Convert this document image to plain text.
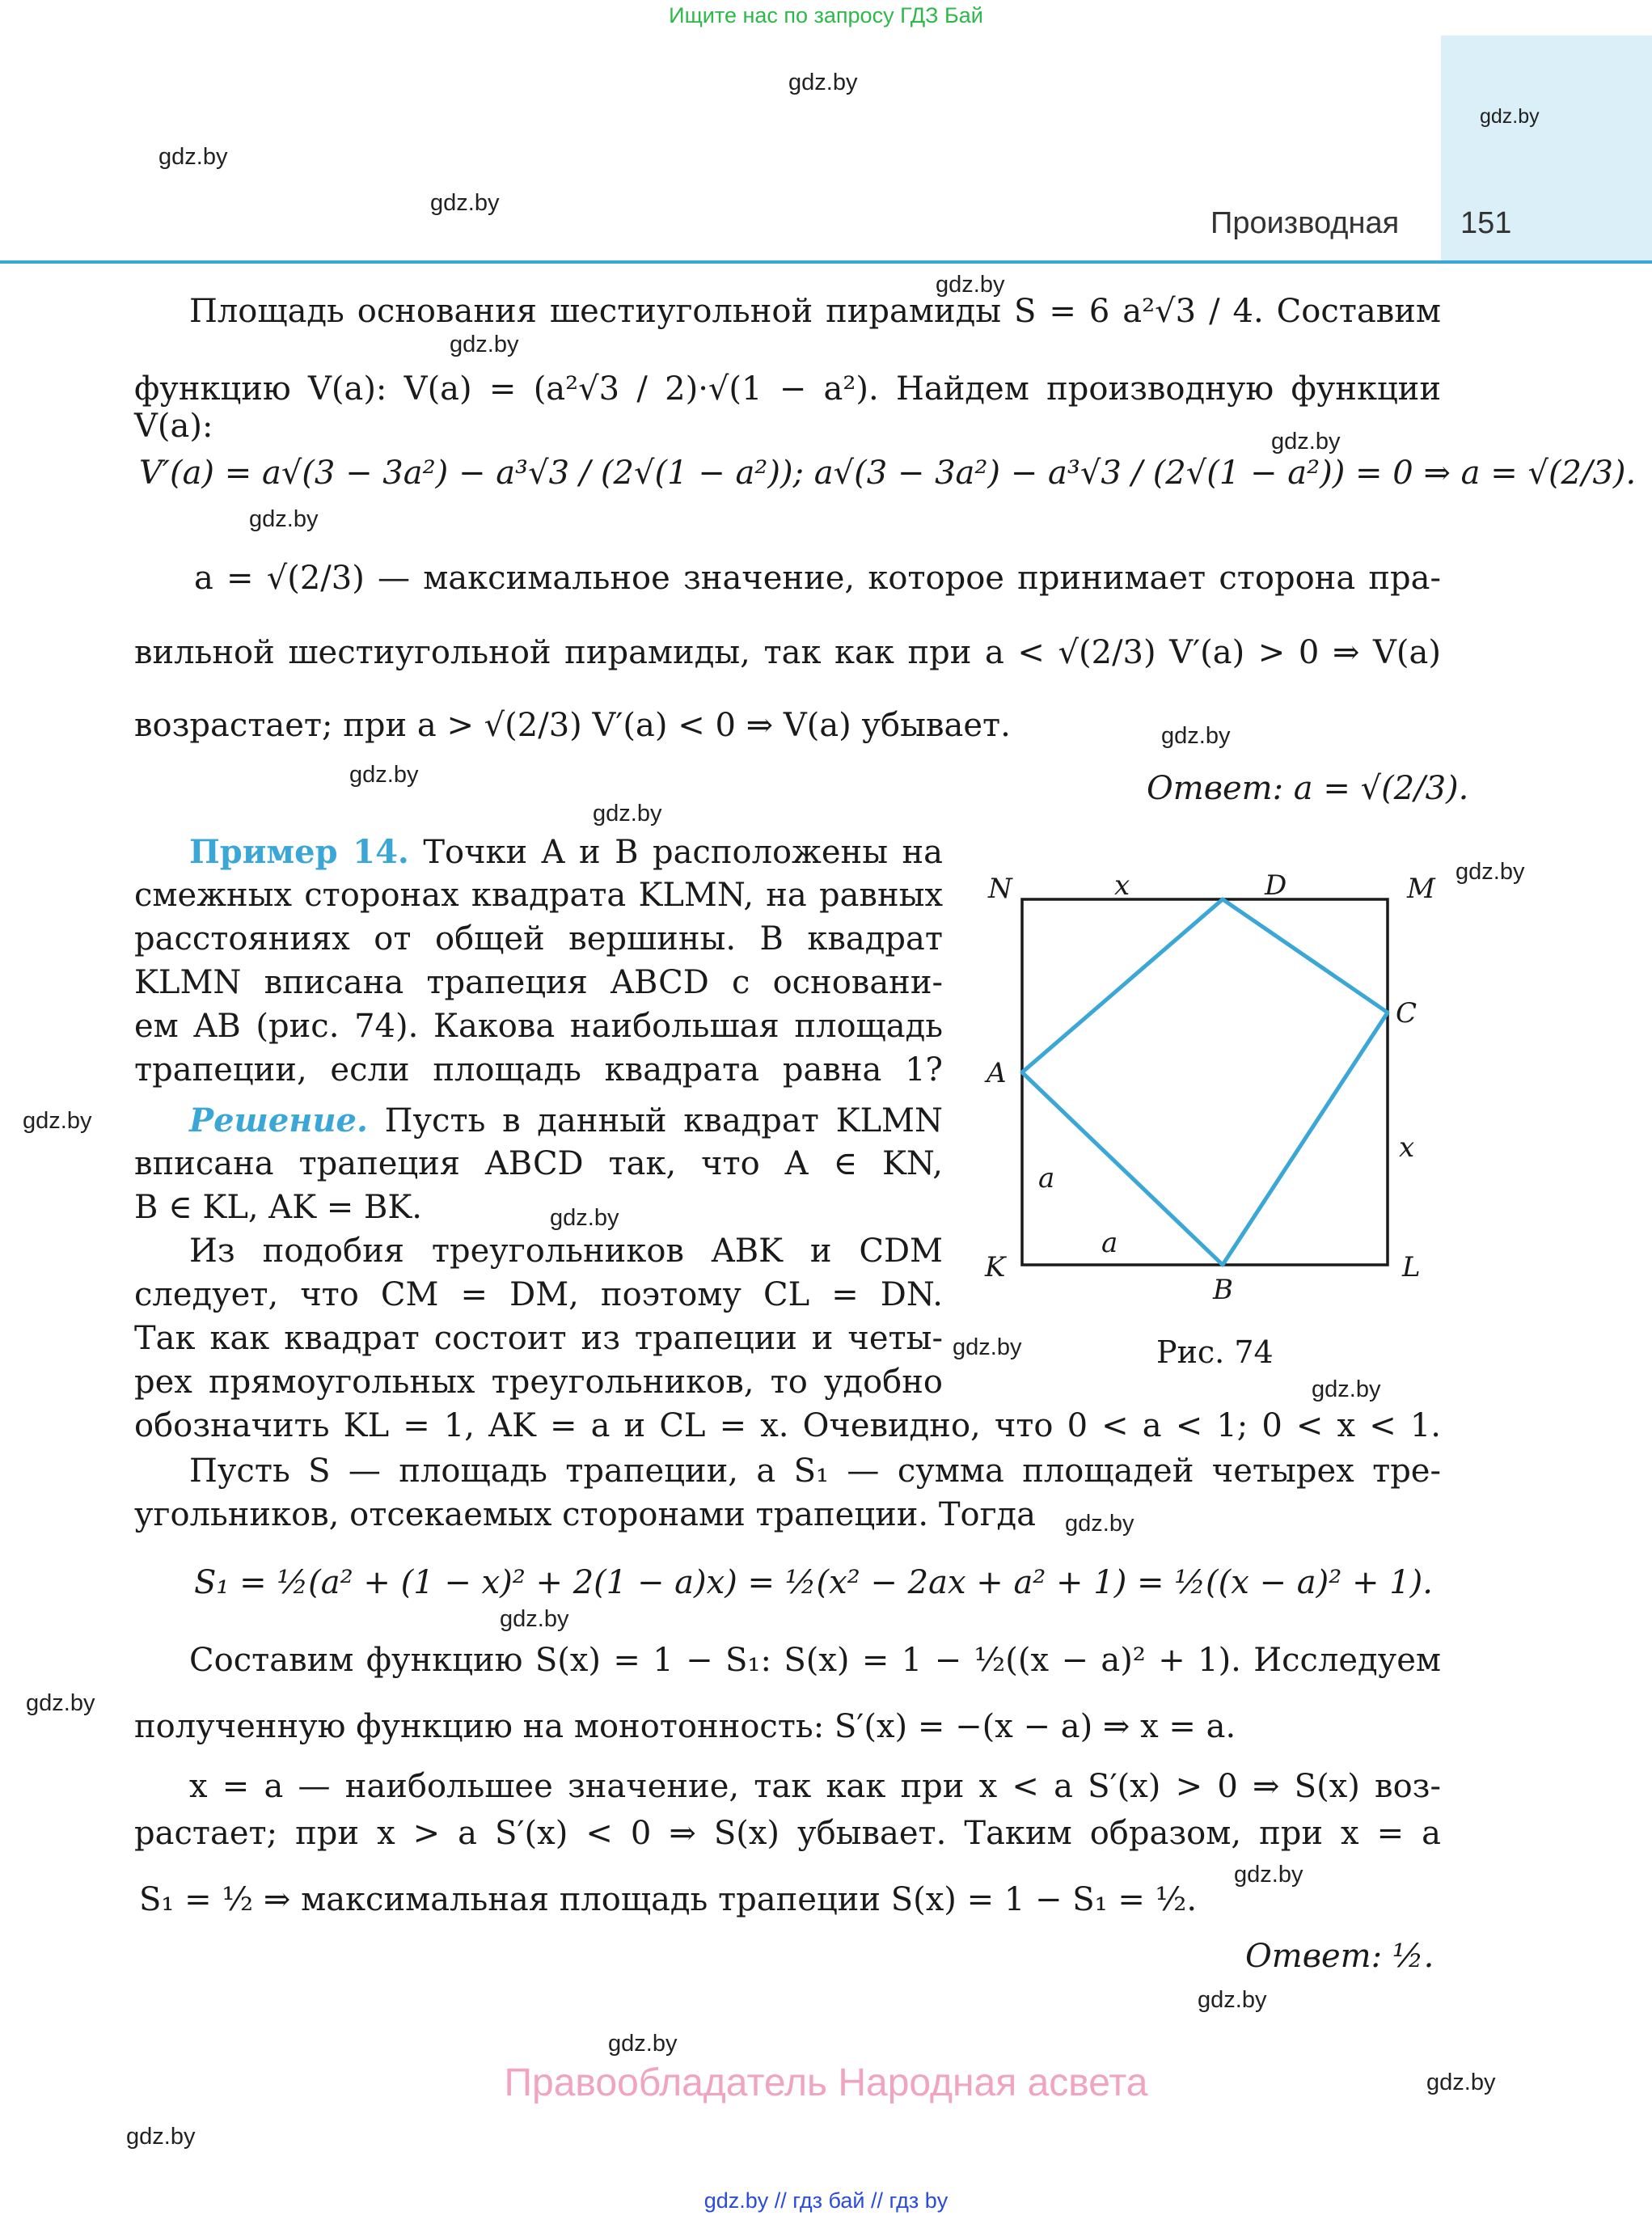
Ищите нас по запросу ГДЗ Бай
Производная 151
gdz.by
gdz.by
gdz.by
gdz.by
gdz.by
gdz.by
gdz.by
gdz.by
gdz.by
gdz.by
gdz.by
gdz.by
gdz.by
gdz.by
gdz.by
gdz.by
gdz.by
gdz.by
gdz.by
gdz.by
gdz.by
gdz.by
gdz.by
gdz.by
Площадь основания шестиугольной пирамиды S = 6 a²√3 / 4. Составим
функцию V(a): V(a) = (a²√3 / 2)·√(1 − a²). Найдем производную функции V(a):
V′(a) = a√(3 − 3a²) − a³√3 / (2√(1 − a²)); a√(3 − 3a²) − a³√3 / (2√(1 − a²)) = 0 ⇒ a = √(2/3).
a = √(2/3) — максимальное значение, которое принимает сторона пра-
вильной шестиугольной пирамиды, так как при a < √(2/3) V′(a) > 0 ⇒ V(a)
возрастает; при a > √(2/3) V′(a) < 0 ⇒ V(a) убывает.
Ответ: a = √(2/3).
Пример 14. Точки A и B расположены на
смежных сторонах квадрата KLMN, на равных
расстояниях от общей вершины. В квадрат
KLMN вписана трапеция ABCD с основани-
ем AB (рис. 74). Какова наибольшая площадь
трапеции, если площадь квадрата равна 1?
Решение. Пусть в данный квадрат KLMN
вписана трапеция ABCD так, что A ∈ KN,
B ∈ KL, AK = BK.
Из подобия треугольников ABK и CDM
следует, что CM = DM, поэтому CL = DN.
Так как квадрат состоит из трапеции и четы-
рех прямоугольных треугольников, то удобно
обозначить KL = 1, AK = a и CL = x. Очевидно, что 0 < a < 1; 0 < x < 1.
Пусть S — площадь трапеции, а S₁ — сумма площадей четырех тре-
угольников, отсекаемых сторонами трапеции. Тогда
S₁ = ½(a² + (1 − x)² + 2(1 − a)x) = ½(x² − 2ax + a² + 1) = ½((x − a)² + 1).
Составим функцию S(x) = 1 − S₁: S(x) = 1 − ½((x − a)² + 1). Исследуем
полученную функцию на монотонность: S′(x) = −(x − a) ⇒ x = a.
x = a — наибольшее значение, так как при x < a S′(x) > 0 ⇒ S(x) воз-
растает; при x > a S′(x) < 0 ⇒ S(x) убывает. Таким образом, при x = a
S₁ = ½ ⇒ максимальная площадь трапеции S(x) = 1 − S₁ = ½.
Ответ: ½.
N	M
K	L
A
B
C
D
x
x
a
a
Рис. 74
Правообладатель Народная асвета
gdz.by // гдз бай // гдз by
